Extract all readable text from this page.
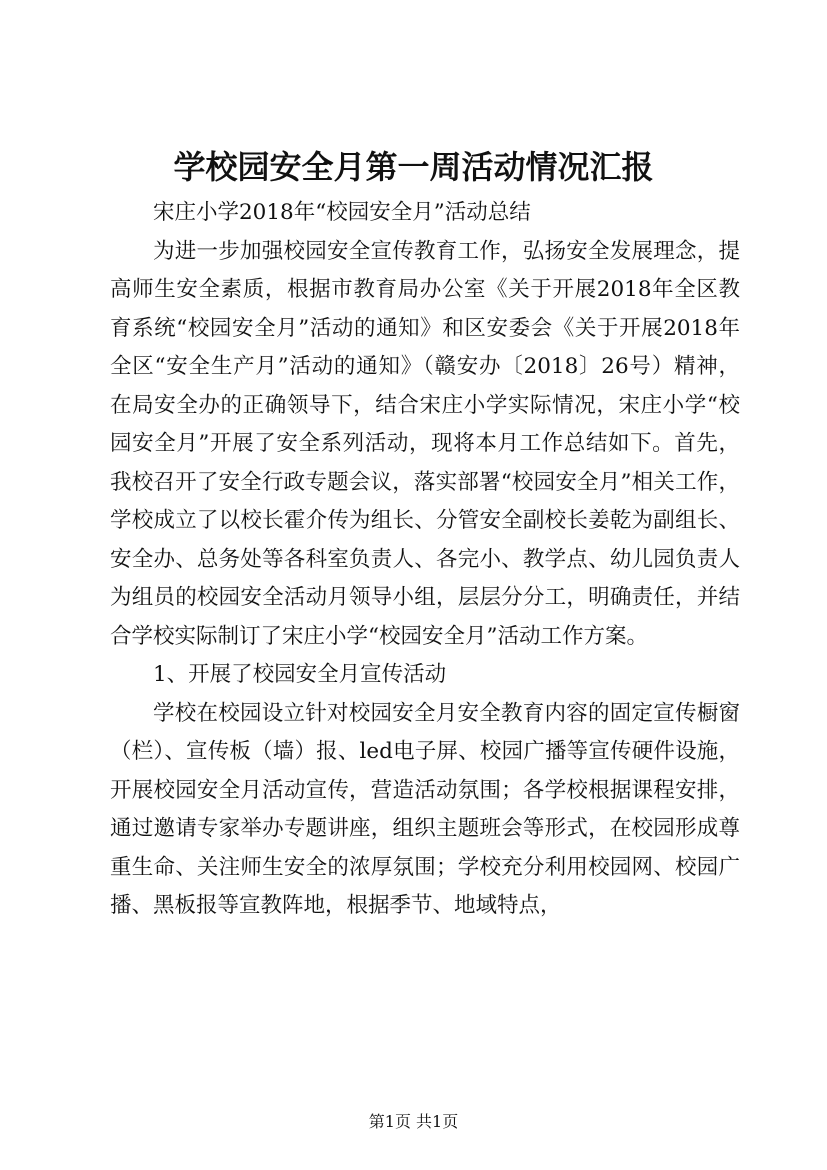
学校园安全月第一周活动情况汇报

宋庄小学2018年“校园安全月”活动总结

为进一步加强校园安全宣传教育工作，弘扬安全发展理念，提高师生安全素质，根据市教育局办公室《关于开展2018年全区教育系统“校园安全月”活动的通知》和区安委会《关于开展2018年全区“安全生产月”活动的通知》（赣安办〔2018〕26号）精神，在局安全办的正确领导下，结合宋庄小学实际情况，宋庄小学“校园安全月”开展了安全系列活动，现将本月工作总结如下。首先，我校召开了安全行政专题会议，落实部署“校园安全月”相关工作，学校成立了以校长霍介传为组长、分管安全副校长姜乾为副组长、安全办、总务处等各科室负责人、各完小、教学点、幼儿园负责人为组员的校园安全活动月领导小组，层层分分工，明确责任，并结合学校实际制订了宋庄小学“校园安全月”活动工作方案。

1、开展了校园安全月宣传活动

学校在校园设立针对校园安全月安全教育内容的固定宣传橱窗（栏）、宣传板（墙）报、led电子屏、校园广播等宣传硬件设施，开展校园安全月活动宣传，营造活动氛围；各学校根据课程安排，通过邀请专家举办专题讲座，组织主题班会等形式，在校园形成尊重生命、关注师生安全的浓厚氛围；学校充分利用校园网、校园广播、黑板报等宣教阵地，根据季节、地域特点，

第1页 共1页
